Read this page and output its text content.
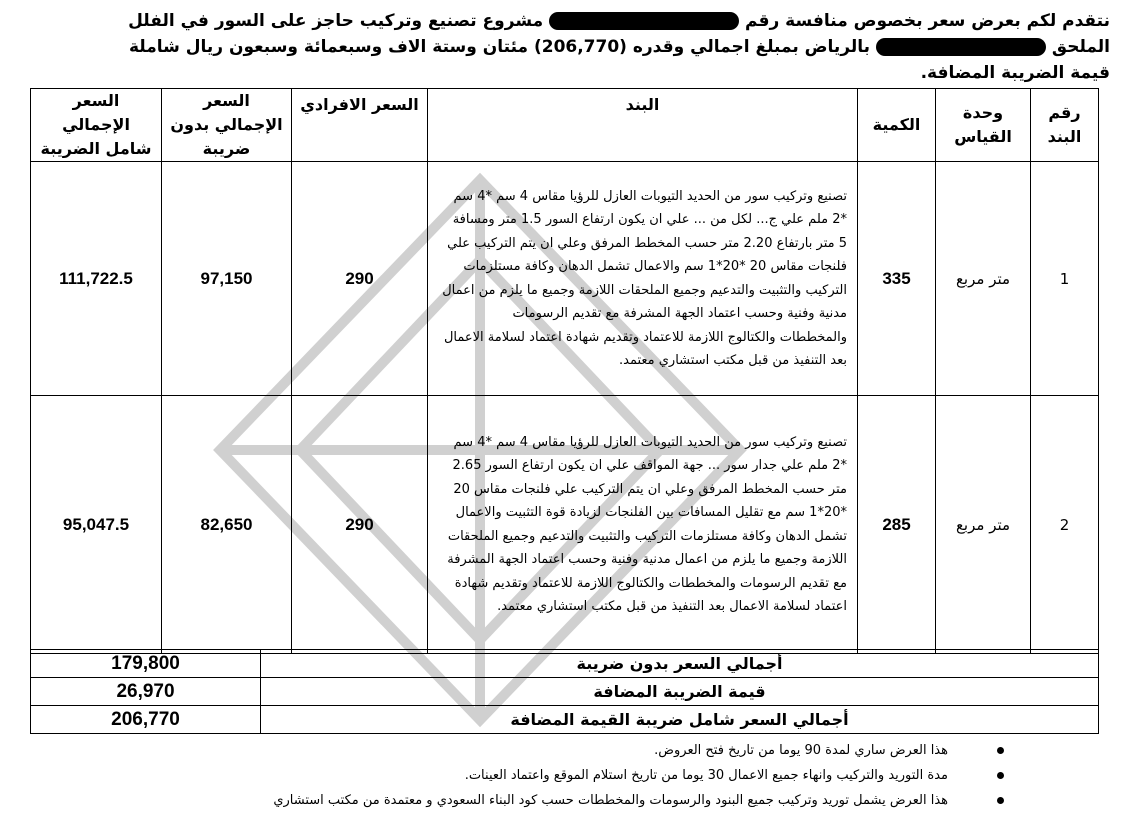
نتقدم لكم بعرض سعر بخصوص منافسة رقم  مشروع تصنيع وتركيب حاجز على السور في الفلل الملحق  بالرياض بمبلغ اجمالي وقدره (206,770) مئتان وستة الاف وسبعمائة وسبعون ريال شاملة قيمة الضريبة المضافة.
رقم البند	وحدة القياس	الكمية	البند	السعر الافرادي	السعر الإجمالي بدون ضريبة	السعر الإجمالي شامل الضريبة
1	متر مربع	335	تصنيع وتركيب سور من الحديد التيوبات العازل للرؤيا مقاس 4 سم *4 سم *2 ملم علي ج... لكل من ... علي ان يكون ارتفاع السور 1.5 متر ومسافة 5 متر بارتفاع 2.20 متر حسب المخطط المرفق وعلي ان يتم التركيب علي فلنجات مقاس 20 *20*1 سم والاعمال تشمل الدهان وكافة مستلزمات التركيب والتثبيت والتدعيم وجميع الملحقات اللازمة وجميع ما يلزم من اعمال مدنية وفنية وحسب اعتماد الجهة المشرفة مع تقديم الرسومات والمخططات والكتالوج اللازمة للاعتماد وتقديم شهادة اعتماد لسلامة الاعمال بعد التنفيذ من قبل مكتب استشاري معتمد.	290	97,150	111,722.5
2	متر مربع	285	تصنيع وتركيب سور من الحديد التيوبات العازل للرؤيا مقاس 4 سم *4 سم *2 ملم علي جدار سور ... جهة المواقف علي ان يكون ارتفاع السور 2.65 متر حسب المخطط المرفق وعلي ان يتم التركيب علي فلنجات مقاس 20 *20*1 سم مع تقليل المسافات بين الفلنجات لزيادة قوة التثبيت والاعمال تشمل الدهان وكافة مستلزمات التركيب والتثبيت والتدعيم وجميع الملحقات اللازمة وجميع ما يلزم من اعمال مدنية وفنية وحسب اعتماد الجهة المشرفة مع تقديم الرسومات والمخططات والكتالوج اللازمة للاعتماد وتقديم شهادة اعتماد لسلامة الاعمال بعد التنفيذ من قبل مكتب استشاري معتمد.	290	82,650	95,047.5
أجمالي السعر بدون ضريبة	179,800
قيمة الضريبة المضافة	26,970
أجمالي السعر شامل ضريبة القيمة المضافة	206,770
هذا العرض ساري لمدة 90 يوما من تاريخ فتح العروض.
مدة التوريد والتركيب وانهاء جميع الاعمال 30 يوما من تاريخ استلام الموقع واعتماد العينات.
هذا العرض يشمل توريد وتركيب جميع البنود والرسومات والمخططات حسب كود البناء السعودي و معتمدة من مكتب استشاري
